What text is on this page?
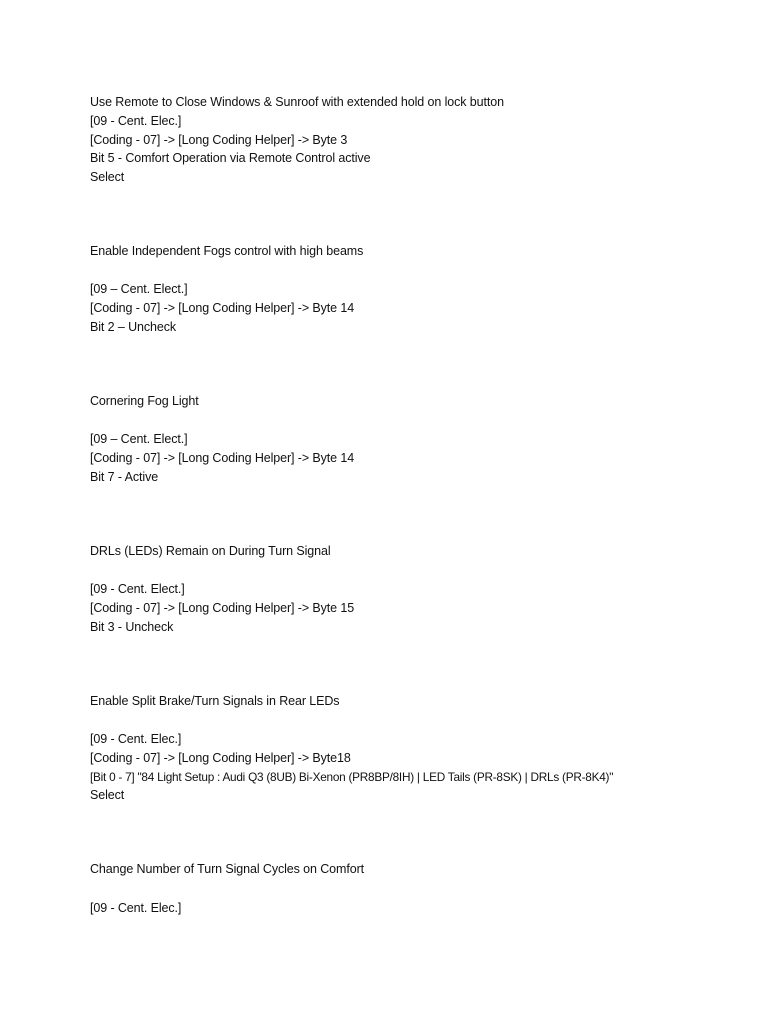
Use Remote to Close Windows & Sunroof with extended hold on lock button
[09 - Cent. Elec.]
[Coding - 07] -> [Long Coding Helper] -> Byte 3
Bit 5 - Comfort Operation via Remote Control active
Select
Enable Independent Fogs control with high beams
[09 – Cent. Elect.]
[Coding - 07] -> [Long Coding Helper] -> Byte 14
Bit 2 – Uncheck
Cornering Fog Light
[09 – Cent. Elect.]
[Coding - 07] -> [Long Coding Helper] -> Byte 14
Bit 7 - Active
DRLs (LEDs) Remain on During Turn Signal
[09 - Cent. Elect.]
[Coding - 07] -> [Long Coding Helper] -> Byte 15
Bit 3 - Uncheck
Enable Split Brake/Turn Signals in Rear LEDs
[09 - Cent. Elec.]
[Coding - 07] -> [Long Coding Helper] -> Byte18
[Bit 0 - 7] "84 Light Setup : Audi Q3 (8UB) Bi-Xenon (PR8BP/8IH) | LED Tails (PR-8SK) | DRLs (PR-8K4)"
Select
Change Number of Turn Signal Cycles on Comfort
[09 - Cent. Elec.]
